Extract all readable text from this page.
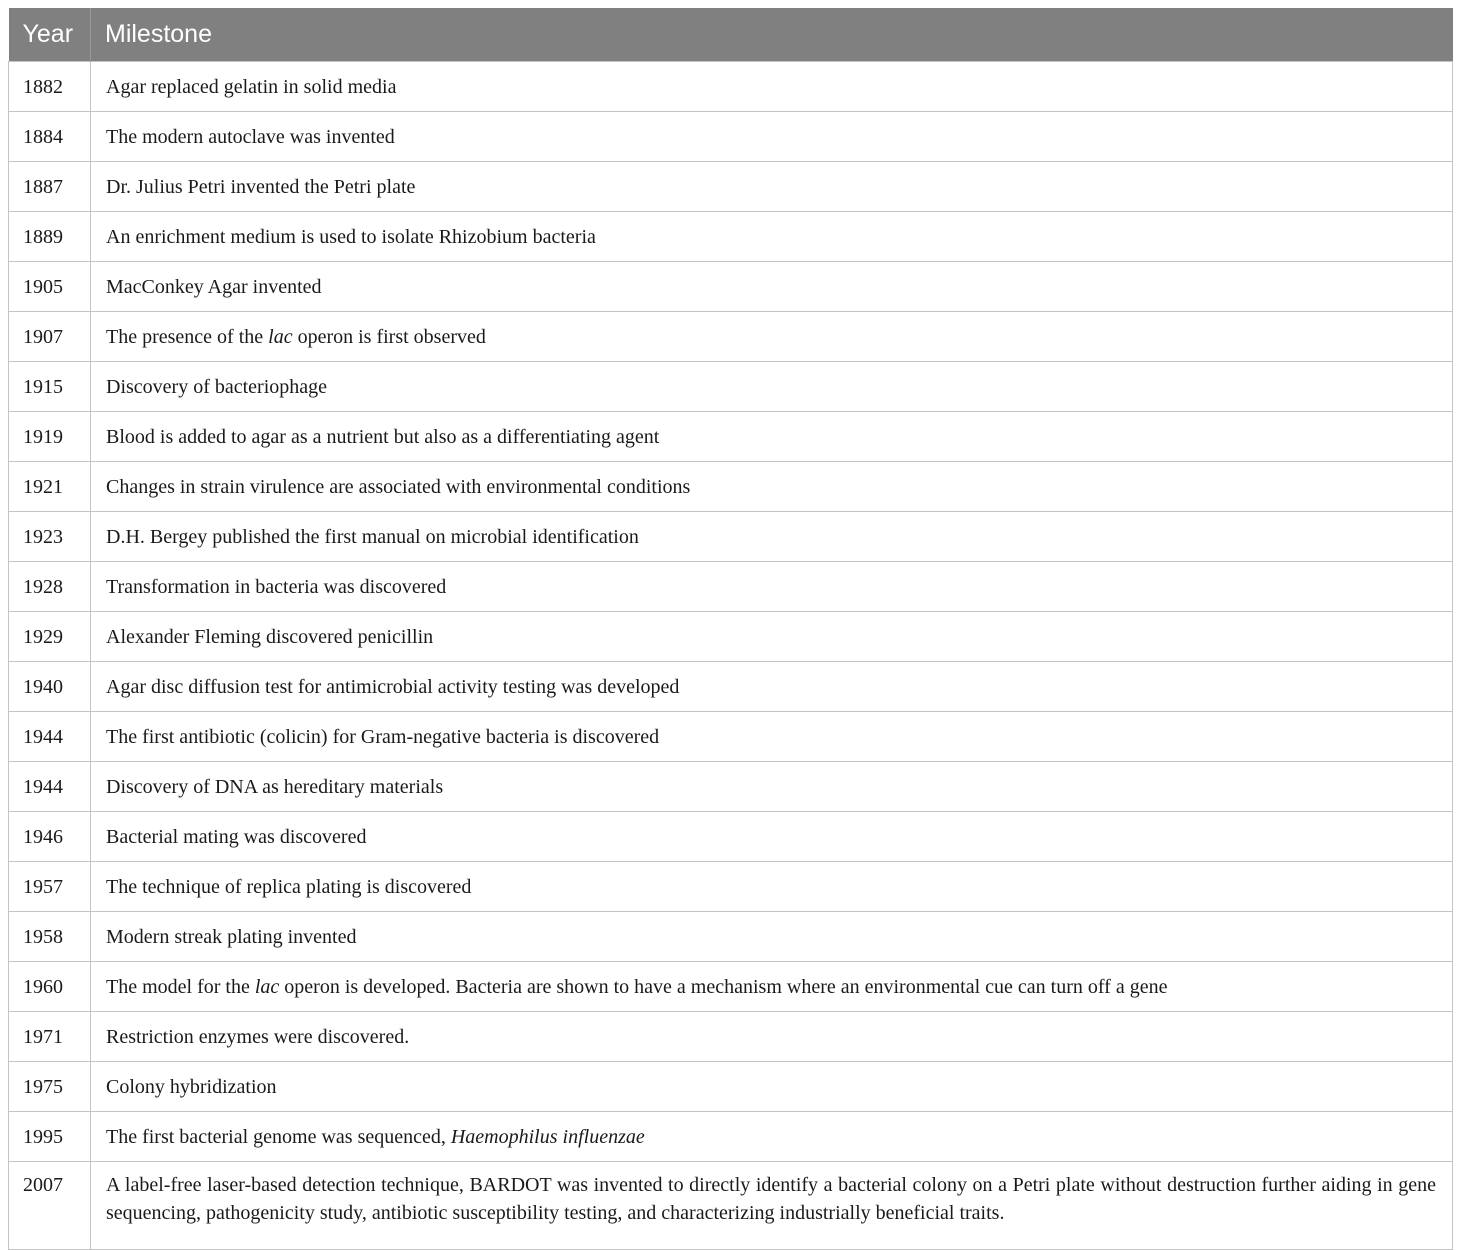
Year	Milestone
1882	Agar replaced gelatin in solid media
1884	The modern autoclave was invented
1887	Dr. Julius Petri invented the Petri plate
1889	An enrichment medium is used to isolate Rhizobium bacteria
1905	MacConkey Agar invented
1907	The presence of the lac operon is first observed
1915	Discovery of bacteriophage
1919	Blood is added to agar as a nutrient but also as a differentiating agent
1921	Changes in strain virulence are associated with environmental conditions
1923	D.H. Bergey published the first manual on microbial identification
1928	Transformation in bacteria was discovered
1929	Alexander Fleming discovered penicillin
1940	Agar disc diffusion test for antimicrobial activity testing was developed
1944	The first antibiotic (colicin) for Gram-negative bacteria is discovered
1944	Discovery of DNA as hereditary materials
1946	Bacterial mating was discovered
1957	The technique of replica plating is discovered
1958	Modern streak plating invented
1960	The model for the lac operon is developed. Bacteria are shown to have a mechanism where an environmental cue can turn off a gene
1971	Restriction enzymes were discovered.
1975	Colony hybridization
1995	The first bacterial genome was sequenced, Haemophilus influenzae
2007	A label-free laser-based detection technique, BARDOT was invented to directly identify a bacterial colony on a Petri plate without destruction further aiding in gene sequencing, pathogenicity study, antibiotic susceptibility testing, and characterizing industrially beneficial traits.
